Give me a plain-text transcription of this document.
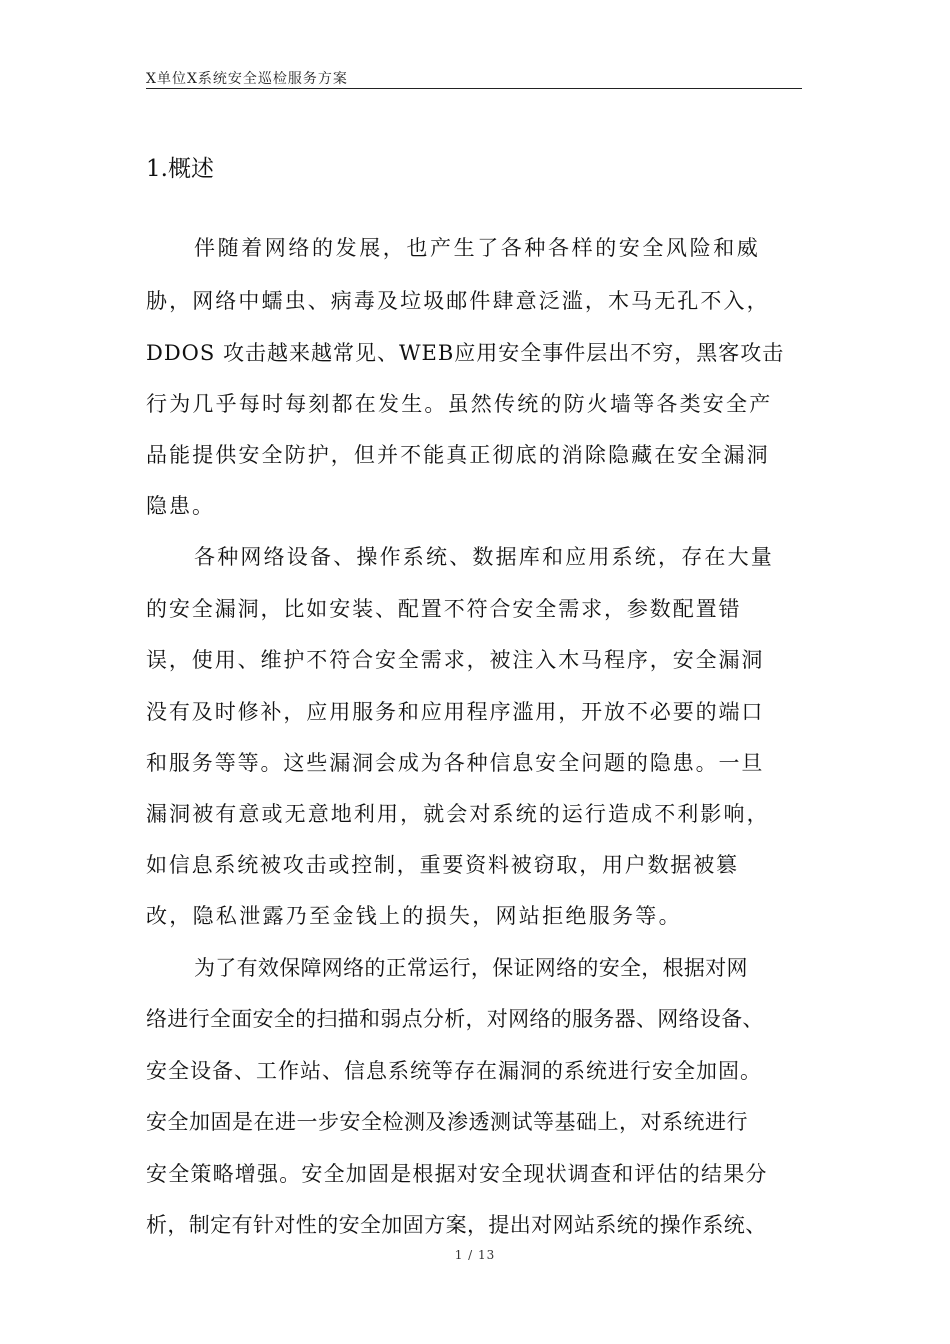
X单位X系统安全巡检服务方案
1.概述
伴随着网络的发展，也产生了各种各样的安全风险和威
胁，网络中蠕虫、病毒及垃圾邮件肆意泛滥，木马无孔不入，
DDOS 攻击越来越常见、WEB应用安全事件层出不穷，黑客攻击
行为几乎每时每刻都在发生。虽然传统的防火墙等各类安全产
品能提供安全防护，但并不能真正彻底的消除隐藏在安全漏洞
隐患。
各种网络设备、操作系统、数据库和应用系统，存在大量
的安全漏洞，比如安装、配置不符合安全需求，参数配置错
误，使用、维护不符合安全需求，被注入木马程序，安全漏洞
没有及时修补，应用服务和应用程序滥用，开放不必要的端口
和服务等等。这些漏洞会成为各种信息安全问题的隐患。一旦
漏洞被有意或无意地利用，就会对系统的运行造成不利影响，
如信息系统被攻击或控制，重要资料被窃取，用户数据被篡
改，隐私泄露乃至金钱上的损失，网站拒绝服务等。
为了有效保障网络的正常运行，保证网络的安全，根据对网
络进行全面安全的扫描和弱点分析，对网络的服务器、网络设备、
安全设备、工作站、信息系统等存在漏洞的系统进行安全加固。
安全加固是在进一步安全检测及渗透测试等基础上，对系统进行
安全策略增强。安全加固是根据对安全现状调查和评估的结果分
析，制定有针对性的安全加固方案，提出对网站系统的操作系统、
1 / 13
